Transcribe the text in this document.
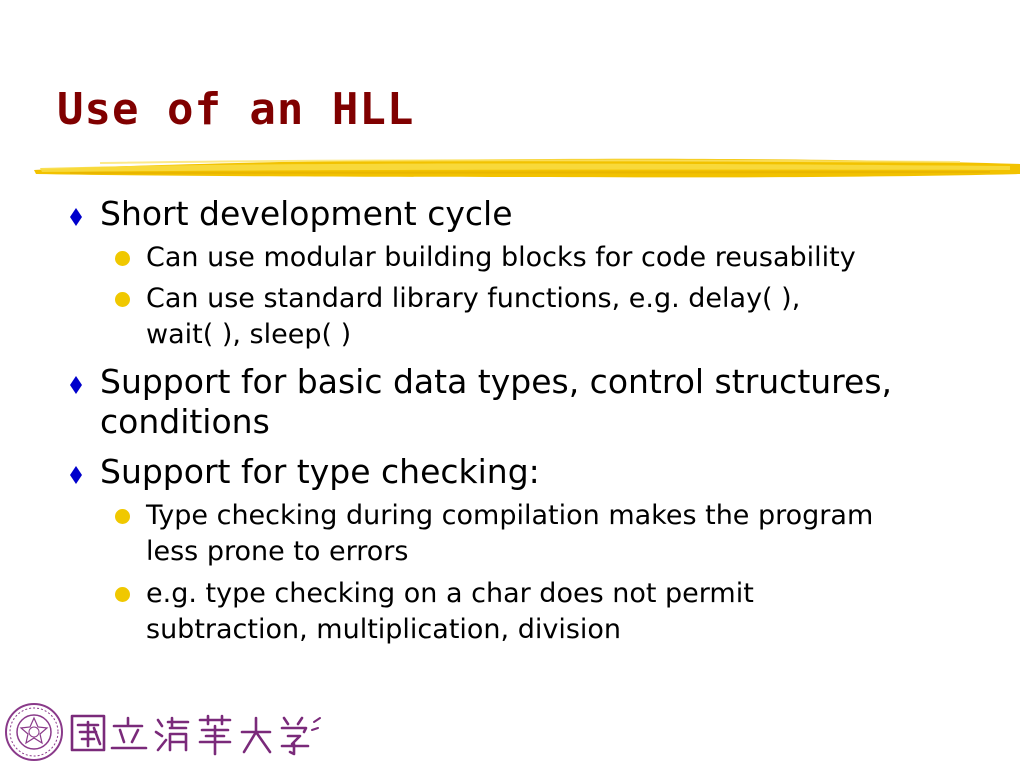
Use of an HLL
Short development cycle
Can use modular building blocks for code reusability
Can use standard library functions, e.g. delay( ),
wait( ), sleep( )
Support for basic data types, control structures,
conditions
Support for type checking:
Type checking during compilation makes the program
less prone to errors
e.g. type checking on a char does not permit
subtraction, multiplication, division
